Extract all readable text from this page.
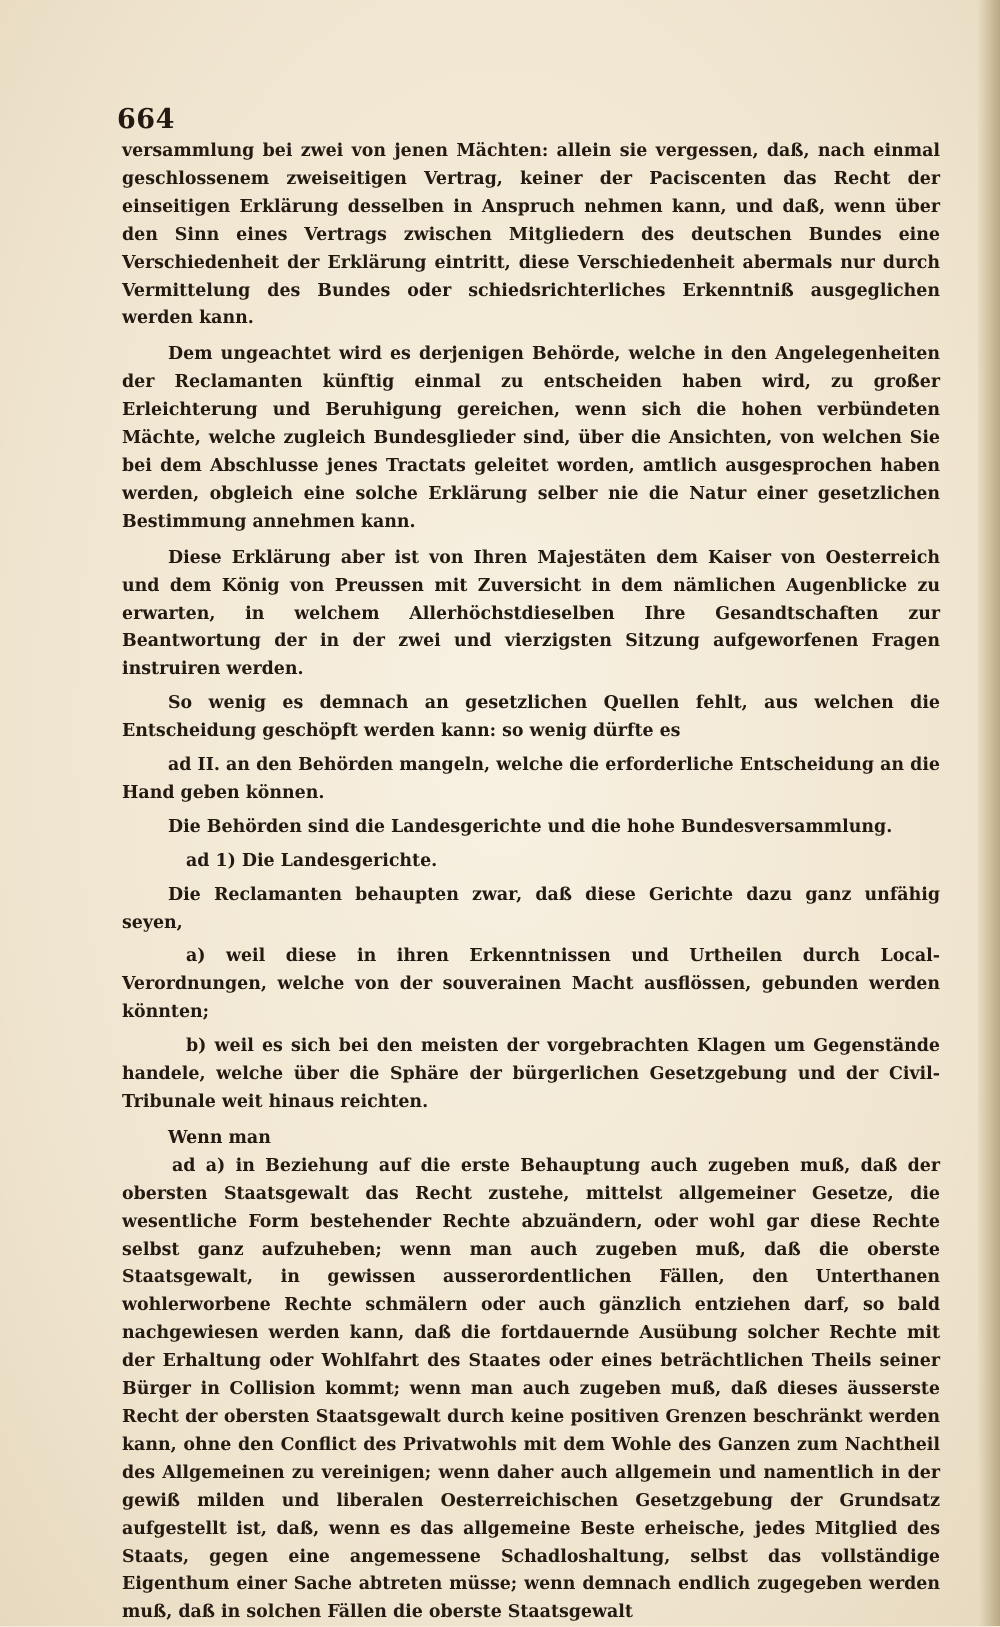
664

versammlung bei zwei von jenen Mächten: allein sie vergessen, daß, nach einmal geschlossenem zweiseitigen Vertrag, keiner der Paciscenten das Recht der einseitigen Erklärung desselben in Anspruch nehmen kann, und daß, wenn über den Sinn eines Vertrags zwischen Mitgliedern des deutschen Bundes eine Verschiedenheit der Erklärung eintritt, diese Verschiedenheit abermals nur durch Vermittelung des Bundes oder schiedsrichterliches Erkenntniß ausgeglichen werden kann.

Dem ungeachtet wird es derjenigen Behörde, welche in den Angelegenheiten der Reclamanten künftig einmal zu entscheiden haben wird, zu großer Erleichterung und Beruhigung gereichen, wenn sich die hohen verbündeten Mächte, welche zugleich Bundesglieder sind, über die Ansichten, von welchen Sie bei dem Abschlusse jenes Tractats geleitet worden, amtlich ausgesprochen haben werden, obgleich eine solche Erklärung selber nie die Natur einer gesetzlichen Bestimmung annehmen kann.

Diese Erklärung aber ist von Ihren Majestäten dem Kaiser von Oesterreich und dem König von Preussen mit Zuversicht in dem nämlichen Augenblicke zu erwarten, in welchem Allerhöchstdieselben Ihre Gesandtschaften zur Beantwortung der in der zwei und vierzigsten Sitzung aufgeworfenen Fragen instruiren werden.

So wenig es demnach an gesetzlichen Quellen fehlt, aus welchen die Entscheidung geschöpft werden kann: so wenig dürfte es

ad II. an den Behörden mangeln, welche die erforderliche Entscheidung an die Hand geben können.

Die Behörden sind die Landesgerichte und die hohe Bundesversammlung.

ad 1) Die Landesgerichte.

Die Reclamanten behaupten zwar, daß diese Gerichte dazu ganz unfähig seyen,

a) weil diese in ihren Erkenntnissen und Urtheilen durch Local-Verordnungen, welche von der souverainen Macht ausflössen, gebunden werden könnten;

b) weil es sich bei den meisten der vorgebrachten Klagen um Gegenstände handele, welche über die Sphäre der bürgerlichen Gesetzgebung und der Civil-Tribunale weit hinaus reichten.

Wenn man

ad a) in Beziehung auf die erste Behauptung auch zugeben muß, daß der obersten Staatsgewalt das Recht zustehe, mittelst allgemeiner Gesetze, die wesentliche Form bestehender Rechte abzuändern, oder wohl gar diese Rechte selbst ganz aufzuheben; wenn man auch zugeben muß, daß die oberste Staatsgewalt, in gewissen ausserordentlichen Fällen, den Unterthanen wohlerworbene Rechte schmälern oder auch gänzlich entziehen darf, so bald nachgewiesen werden kann, daß die fortdauernde Ausübung solcher Rechte mit der Erhaltung oder Wohlfahrt des Staates oder eines beträchtlichen Theils seiner Bürger in Collision kommt; wenn man auch zugeben muß, daß dieses äusserste Recht der obersten Staatsgewalt durch keine positiven Grenzen beschränkt werden kann, ohne den Conflict des Privatwohls mit dem Wohle des Ganzen zum Nachtheil des Allgemeinen zu vereinigen; wenn daher auch allgemein und namentlich in der gewiß milden und liberalen Oesterreichischen Gesetzgebung der Grundsatz aufgestellt ist, daß, wenn es das allgemeine Beste erheische, jedes Mitglied des Staats, gegen eine angemessene Schadloshaltung, selbst das vollständige Eigenthum einer Sache abtreten müsse; wenn demnach endlich zugegeben werden muß, daß in solchen Fällen die oberste Staatsgewalt
